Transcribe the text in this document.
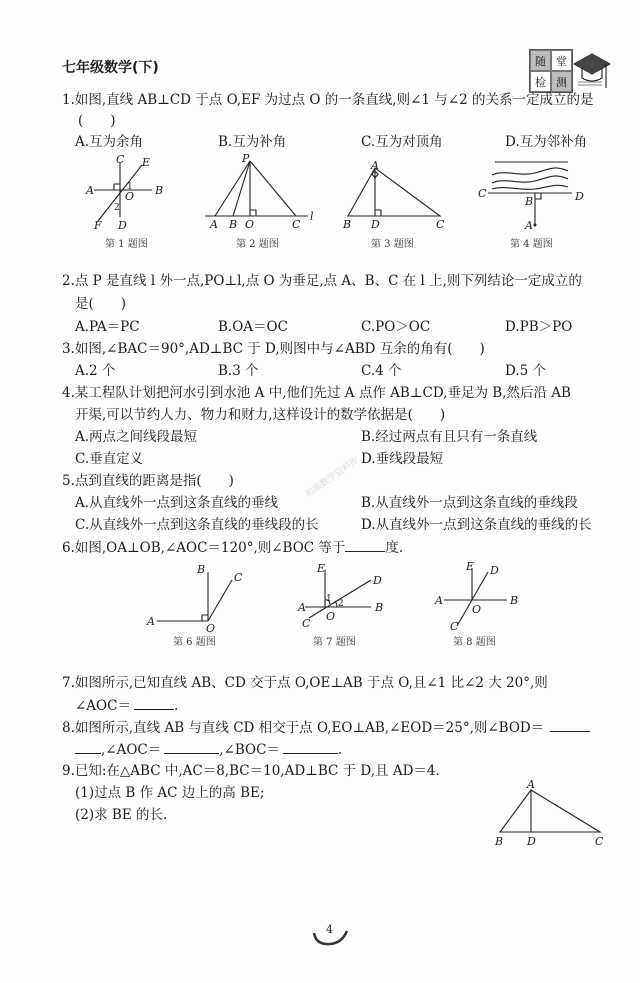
七年级数学(下)	随 堂
检 测
1.如图,直线 AB⊥CD 于点 O,EF 为过点 O 的一条直线,则∠1 与∠2 的关系一定成立的是
(　　)
A.互为余角	B.互为补角	C.互为对顶角	D.互为邻补角
C E
A	B
O
1
2
F D
第 1 题图
P
A B O	C
l
第 2 题图
A
B D	C
第 3 题图
C	D
B
A
第 4 题图
2.点 P 是直线 l 外一点,PO⊥l,点 O 为垂足,点 A、B、C 在 l 上,则下列结论一定成立的
是(　　)
A.PA＝PC	B.OA＝OC	C.PO＞OC	D.PB＞PO
3.如图,∠BAC＝90°,AD⊥BC 于 D,则图中与∠ABD 互余的角有(　　)
A.2 个	B.3 个	C.4 个	D.5 个
4.某工程队计划把河水引到水池 A 中,他们先过 A 点作 AB⊥CD,垂足为 B,然后沿 AB
开渠,可以节约人力、物力和财力,这样设计的数学依据是(　　)
A.两点之间线段最短	B.经过两点有且只有一条直线
C.垂直定义	D.垂线段最短
5.点到直线的距离是指(　　)
A.从直线外一点到这条直线的垂线	B.从直线外一点到这条直线的垂线段
C.从直线外一点到这条直线的垂线段的长	D.从直线外一点到这条直线的垂线的长
初高数学资料库
6.如图,OA⊥OB,∠AOC＝120°,则∠BOC 等于	度.
B
C
A
O
第 6 题图
E
D
A	B
C
O
1 2
第 7 题图
E D
A	B
O
C
第 8 题图
7.如图所示,已知直线 AB、CD 交于点 O,OE⊥AB 于点 O,且∠1 比∠2 大 20°,则
∠AOC＝	.
8.如图所示,直线 AB 与直线 CD 相交于点 O,EO⊥AB,∠EOD＝25°,则∠BOD＝
,∠AOC＝	,∠BOC＝	.
9.已知:在△ABC 中,AC＝8,BC＝10,AD⊥BC 于 D,且 AD＝4.
(1)过点 B 作 AC 边上的高 BE;
(2)求 BE 的长.
A
B D	C
4
